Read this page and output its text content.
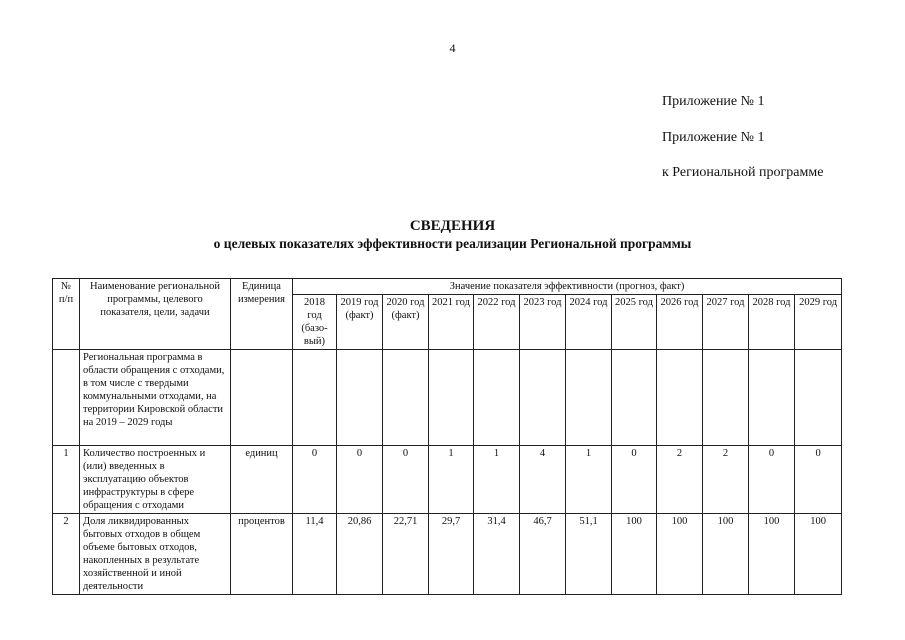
4
Приложение № 1
Приложение № 1
к Региональной программе
СВЕДЕНИЯ
о целевых показателях эффективности реализации Региональной программы
№ п/п	Наименование региональной программы, целевого показателя, цели, задачи	Единица измерения	Значение показателя эффективности (прогноз, факт)											
			2018 год (базо-вый)	2019 год (факт)	2020 год (факт)	2021 год	2022 год	2023 год	2024 год	2025 год	2026 год	2027 год	2028 год	2029 год
	Региональная программа в области обращения с отходами, в том числе с твердыми коммунальными отходами, на территории Кировской области на 2019 – 2029 годы													
1	Количество построенных и (или) введенных в эксплуатацию объектов инфраструктуры в сфере обращения с отходами	единиц	0	0	0	1	1	4	1	0	2	2	0	0
2	Доля ликвидированных бытовых отходов в общем объеме бытовых отходов, накопленных в результате хозяйственной и иной деятельности	процентов	11,4	20,86	22,71	29,7	31,4	46,7	51,1	100	100	100	100	100
